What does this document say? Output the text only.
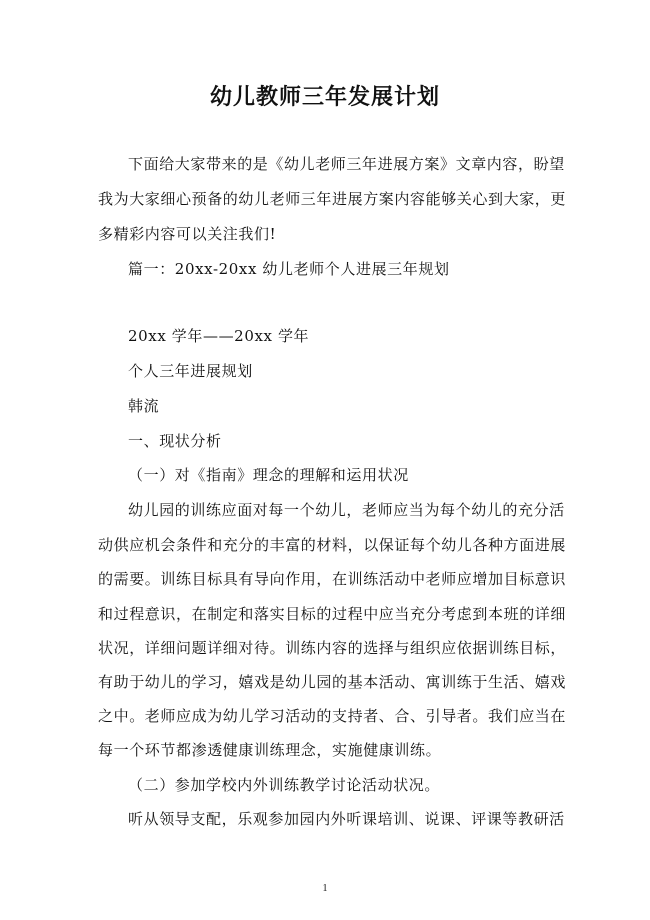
幼儿教师三年发展计划
下面给大家带来的是《幼儿老师三年进展方案》文章内容，盼望
我为大家细心预备的幼儿老师三年进展方案内容能够关心到大家，更
多精彩内容可以关注我们!
篇一：20xx-20xx 幼儿老师个人进展三年规划
20xx 学年——20xx 学年
个人三年进展规划
韩流
一、现状分析
（一）对《指南》理念的理解和运用状况
幼儿园的训练应面对每一个幼儿，老师应当为每个幼儿的充分活
动供应机会条件和充分的丰富的材料，以保证每个幼儿各种方面进展
的需要。训练目标具有导向作用，在训练活动中老师应增加目标意识
和过程意识，在制定和落实目标的过程中应当充分考虑到本班的详细
状况，详细问题详细对待。训练内容的选择与组织应依据训练目标，
有助于幼儿的学习，嬉戏是幼儿园的基本活动、寓训练于生活、嬉戏
之中。老师应成为幼儿学习活动的支持者、合、引导者。我们应当在
每一个环节都渗透健康训练理念，实施健康训练。
（二）参加学校内外训练教学讨论活动状况。
听从领导支配，乐观参加园内外听课培训、说课、评课等教研活
1
